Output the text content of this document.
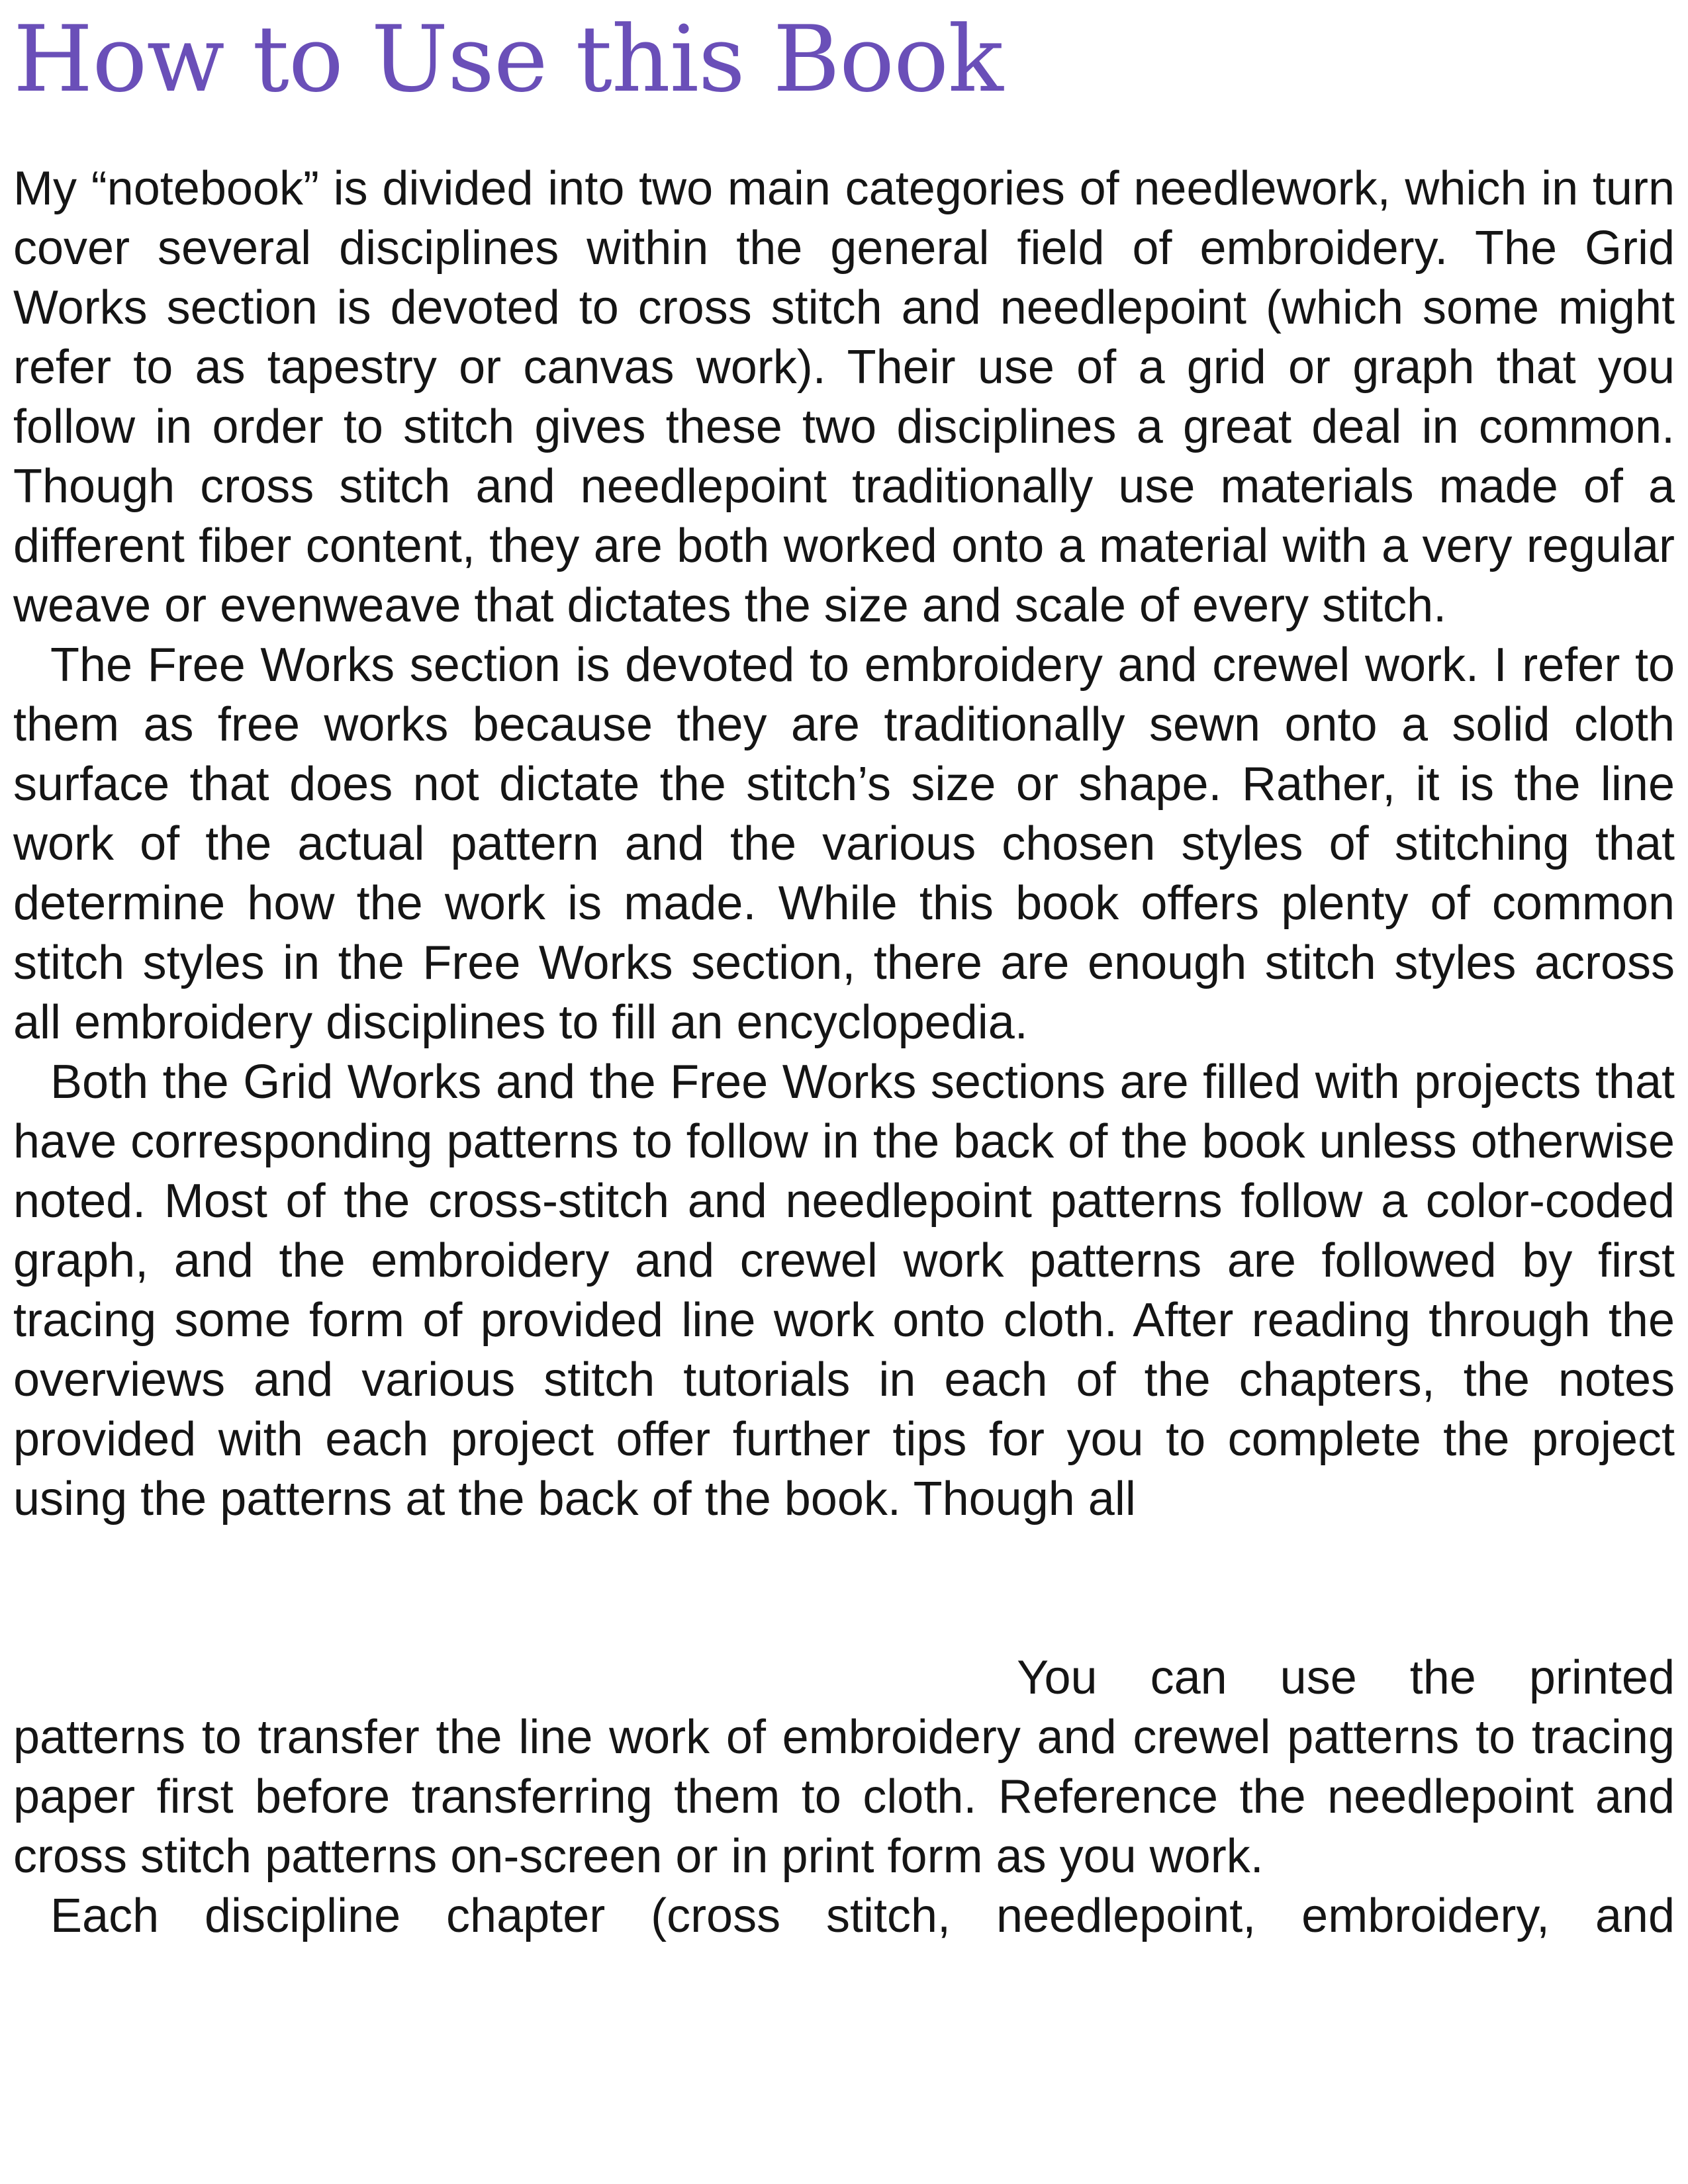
How to Use this Book

My “notebook” is divided into two main categories of needlework, which in turn cover several disciplines within the general field of embroidery. The Grid Works section is devoted to cross stitch and needlepoint (which some might refer to as tapestry or canvas work). Their use of a grid or graph that you follow in order to stitch gives these two disciplines a great deal in common. Though cross stitch and needlepoint traditionally use materials made of a different fiber content, they are both worked onto a material with a very regular weave or evenweave that dictates the size and scale of every stitch.

The Free Works section is devoted to embroidery and crewel work. I refer to them as free works because they are traditionally sewn onto a solid cloth surface that does not dictate the stitch’s size or shape. Rather, it is the line work of the actual pattern and the various chosen styles of stitching that determine how the work is made. While this book offers plenty of common stitch styles in the Free Works section, there are enough stitch styles across all embroidery disciplines to fill an encyclopedia.

Both the Grid Works and the Free Works sections are filled with projects that have corresponding patterns to follow in the back of the book unless otherwise noted. Most of the cross-stitch and needlepoint patterns follow a color-coded graph, and the embroidery and crewel work patterns are followed by first tracing some form of provided line work onto cloth. After reading through the overviews and various stitch tutorials in each of the chapters, the notes provided with each project offer further tips for you to complete the project using the patterns at the back of the book. Though all

You can use the printed
patterns to transfer the line work of embroidery and crewel patterns to tracing paper first before transferring them to cloth. Reference the needlepoint and cross stitch patterns on-screen or in print form as you work.

Each discipline chapter (cross stitch, needlepoint, embroidery, and
